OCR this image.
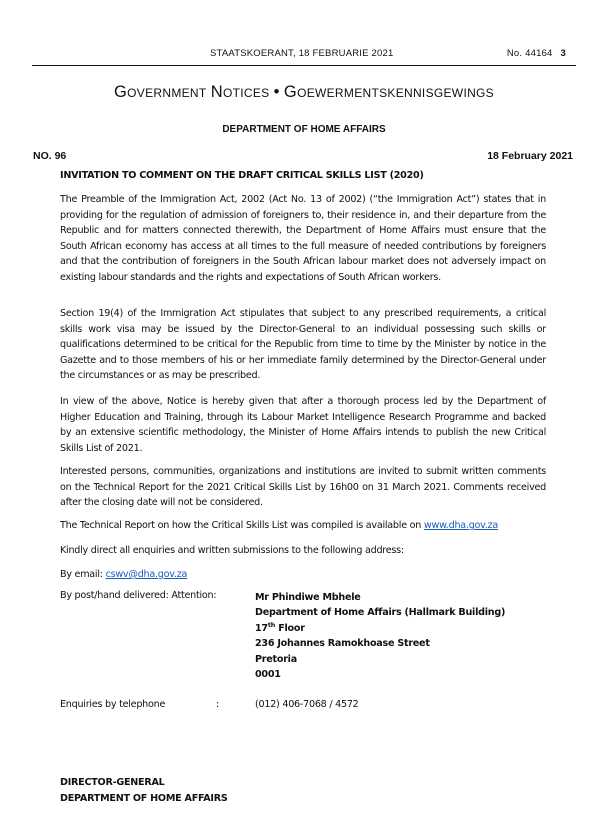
STAATSKOERANT, 18 FEBRUARIE 2021	No. 44164 3
GOVERNMENT NOTICES • GOEWERMENTSKENNISGEWINGS
DEPARTMENT OF HOME AFFAIRS
NO. 96	18 February 2021
INVITATION TO COMMENT ON THE DRAFT CRITICAL SKILLS LIST (2020)
The Preamble of the Immigration Act, 2002 (Act No. 13 of 2002) (“the Immigration Act”) states that in providing for the regulation of admission of foreigners to, their residence in, and their departure from the Republic and for matters connected therewith, the Department of Home Affairs must ensure that the South African economy has access at all times to the full measure of needed contributions by foreigners and that the contribution of foreigners in the South African labour market does not adversely impact on existing labour standards and the rights and expectations of South African workers.
Section 19(4) of the Immigration Act stipulates that subject to any prescribed requirements, a critical skills work visa may be issued by the Director-General to an individual possessing such skills or qualifications determined to be critical for the Republic from time to time by the Minister by notice in the Gazette and to those members of his or her immediate family determined by the Director-General under the circumstances or as may be prescribed.
In view of the above, Notice is hereby given that after a thorough process led by the Department of Higher Education and Training, through its Labour Market Intelligence Research Programme and backed by an extensive scientific methodology, the Minister of Home Affairs intends to publish the new Critical Skills List of 2021.
Interested persons, communities, organizations and institutions are invited to submit written comments on the Technical Report for the 2021 Critical Skills List by 16h00 on 31 March 2021. Comments received after the closing date will not be considered.
The Technical Report on how the Critical Skills List was compiled is available on www.dha.gov.za
Kindly direct all enquiries and written submissions to the following address:
By email: cswv@dha.gov.za
By post/hand delivered: Attention:	Mr Phindiwe Mbhele
Department of Home Affairs (Hallmark Building)
17th Floor
236 Johannes Ramokhoase Street
Pretoria
0001
Enquiries by telephone	:	(012) 406-7068 / 4572
DIRECTOR-GENERAL
DEPARTMENT OF HOME AFFAIRS
